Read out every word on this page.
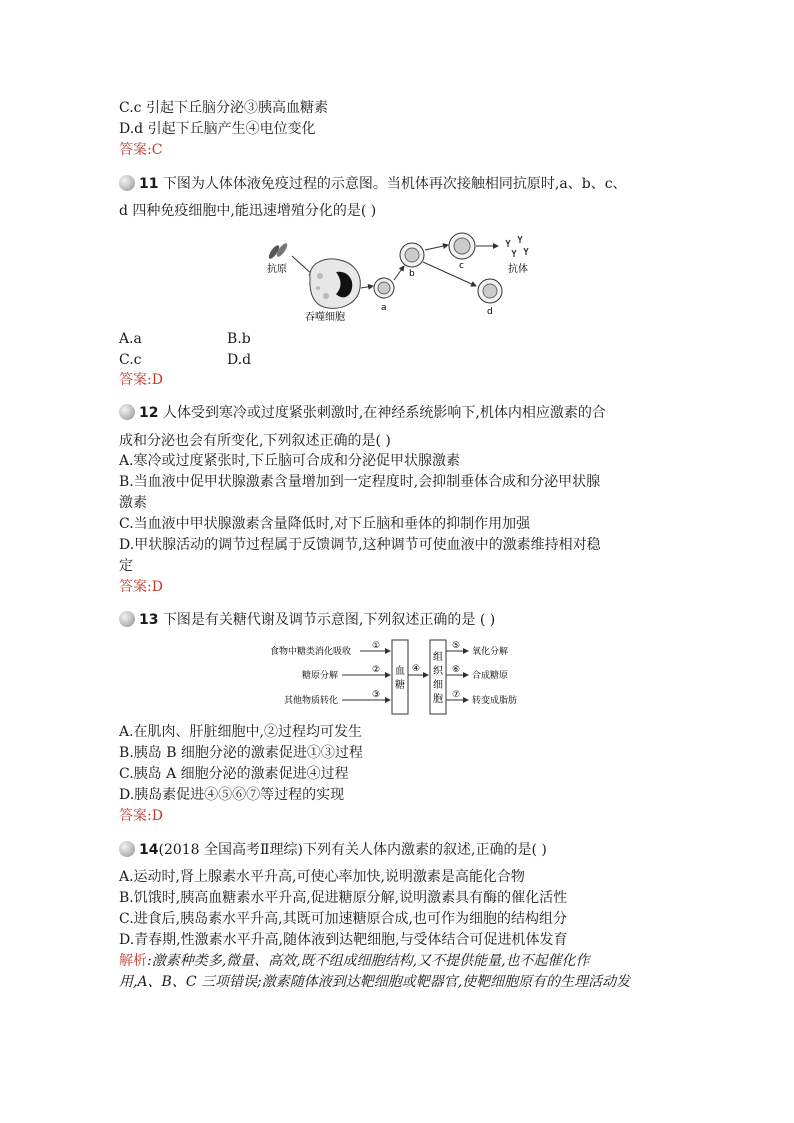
C.c 引起下丘脑分泌③胰高血糖素
D.d 引起下丘脑产生④电位变化
答案:C
11 下图为人体体液免疫过程的示意图。当机体再次接触相同抗原时,a、b、c、
d 四种免疫细胞中,能迅速增殖分化的是( )
抗原
吞噬细胞
a
b
c	抗体
d
A.a	B.b
C.c	D.d
答案:D
12 人体受到寒冷或过度紧张刺激时,在神经系统影响下,机体内相应激素的合
成和分泌也会有所变化,下列叙述正确的是( )
A.寒冷或过度紧张时,下丘脑可合成和分泌促甲状腺激素
B.当血液中促甲状腺激素含量增加到一定程度时,会抑制垂体合成和分泌甲状腺
激素
C.当血液中甲状腺激素含量降低时,对下丘脑和垂体的抑制作用加强
D.甲状腺活动的调节过程属于反馈调节,这种调节可使血液中的激素维持相对稳
定
答案:D
13 下图是有关糖代谢及调节示意图,下列叙述正确的是 ( )
食物中糖类消化吸收
糖原分解
其他物质转化
①
②
③
血
糖
④
组
织
细
胞
⑤
⑥
⑦
氧化分解
合成糖原
转变成脂肪
A.在肌肉、肝脏细胞中,②过程均可发生
B.胰岛 B 细胞分泌的激素促进①③过程
C.胰岛 A 细胞分泌的激素促进④过程
D.胰岛素促进④⑤⑥⑦等过程的实现
答案:D
14(2018 全国高考Ⅱ理综)下列有关人体内激素的叙述,正确的是( )
A.运动时,肾上腺素水平升高,可使心率加快,说明激素是高能化合物
B.饥饿时,胰高血糖素水平升高,促进糖原分解,说明激素具有酶的催化活性
C.进食后,胰岛素水平升高,其既可加速糖原合成,也可作为细胞的结构组分
D.青春期,性激素水平升高,随体液到达靶细胞,与受体结合可促进机体发育
解析:激素种类多,微量、高效,既不组成细胞结构,又不提供能量,也不起催化作
用,A、B、C 三项错误;激素随体液到达靶细胞或靶器官,使靶细胞原有的生理活动发
